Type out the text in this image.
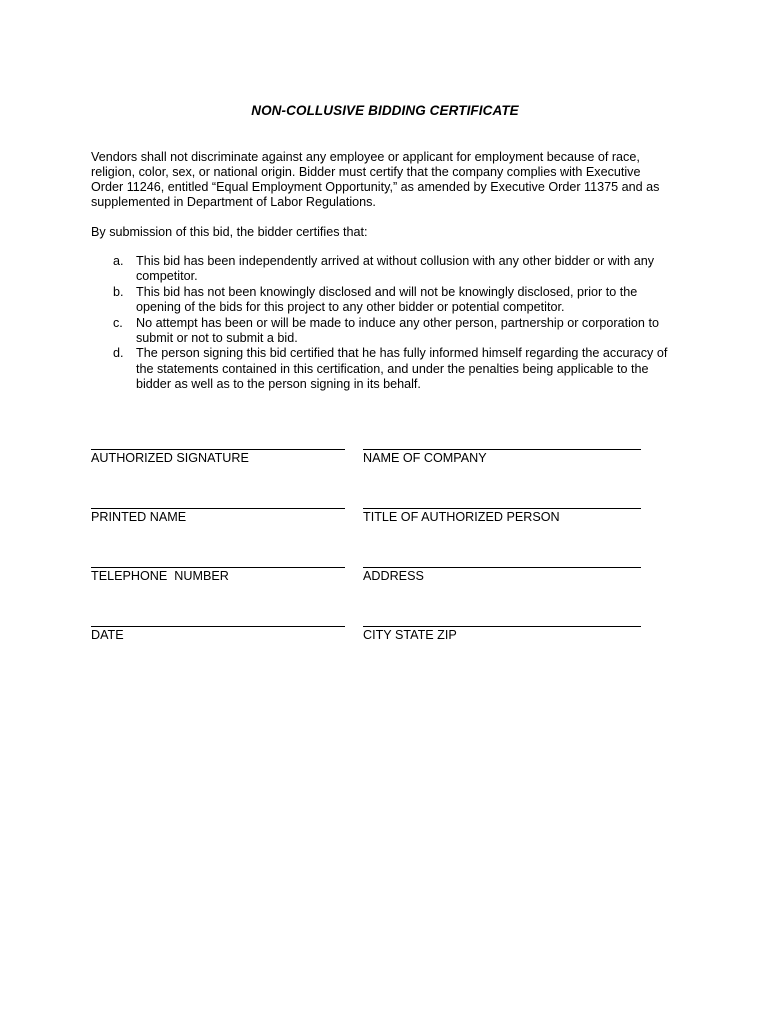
NON-COLLUSIVE BIDDING CERTIFICATE

Vendors shall not discriminate against any employee or applicant for employment because of race, religion, color, sex, or national origin. Bidder must certify that the company complies with Executive Order 11246, entitled “Equal Employment Opportunity,” as amended by Executive Order 11375 and as supplemented in Department of Labor Regulations.

By submission of this bid, the bidder certifies that:

a. This bid has been independently arrived at without collusion with any other bidder or with any competitor.
b. This bid has not been knowingly disclosed and will not be knowingly disclosed, prior to the opening of the bids for this project to any other bidder or potential competitor.
c. No attempt has been or will be made to induce any other person, partnership or corporation to submit or not to submit a bid.
d. The person signing this bid certified that he has fully informed himself regarding the accuracy of the statements contained in this certification, and under the penalties being applicable to the bidder as well as to the person signing in its behalf.
AUTHORIZED SIGNATURE	NAME OF COMPANY
PRINTED NAME	TITLE OF AUTHORIZED PERSON
TELEPHONE  NUMBER	ADDRESS
DATE	CITY STATE ZIP
